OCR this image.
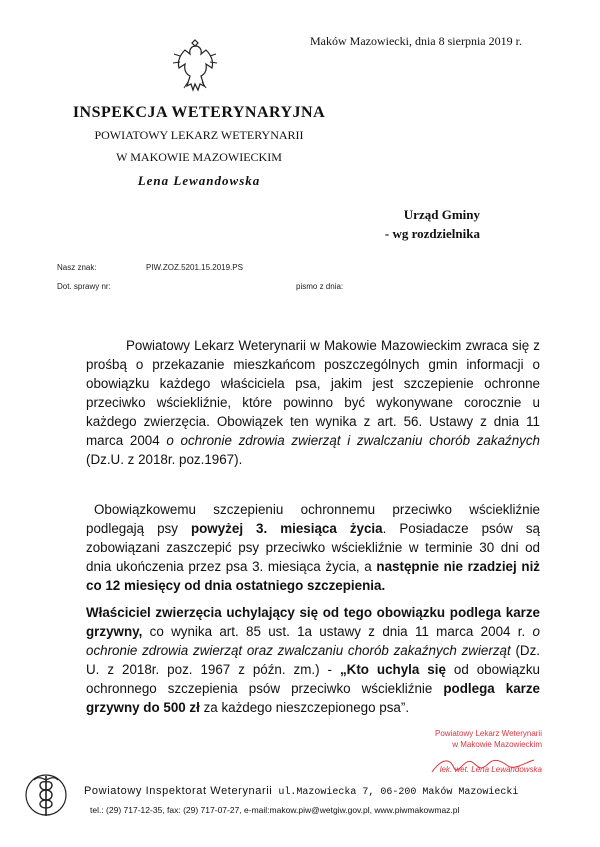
Maków Mazowiecki, dnia 8 sierpnia 2019 r.
INSPEKCJA WETERYNARYJNA
POWIATOWY LEKARZ WETERYNARII
W MAKOWIE MAZOWIECKIM
Lena Lewandowska
Urząd Gminy
- wg rozdzielnika
Nasz znak:	PIW.ZOZ.5201.15.2019.PS
Dot. sprawy nr:	pismo z dnia:
Powiatowy Lekarz Weterynarii w Makowie Mazowieckim zwraca się z prośbą o przekazanie mieszkańcom poszczególnych gmin informacji o obowiązku każdego właściciela psa, jakim jest szczepienie ochronne przeciwko wściekliźnie, które powinno być wykonywane corocznie u każdego zwierzęcia. Obowiązek ten wynika z art. 56. Ustawy z dnia 11 marca 2004 o ochronie zdrowia zwierząt i zwalczaniu chorób zakaźnych (Dz.U. z 2018r. poz.1967).
Obowiązkowemu szczepieniu ochronnemu przeciwko wściekliźnie podlegają psy powyżej 3. miesiąca życia. Posiadacze psów są zobowiązani zaszczepić psy przeciwko wściekliźnie w terminie 30 dni od dnia ukończenia przez psa 3. miesiąca życia, a następnie nie rzadziej niż co 12 miesięcy od dnia ostatniego szczepienia.
Właściciel zwierzęcia uchylający się od tego obowiązku podlega karze grzywny, co wynika art. 85 ust. 1a ustawy z dnia 11 marca 2004 r. o ochronie zdrowia zwierząt oraz zwalczaniu chorób zakaźnych zwierząt (Dz. U. z 2018r. poz. 1967 z późn. zm.) - „Kto uchyla się od obowiązku ochronnego szczepienia psów przeciwko wściekliźnie podlega karze grzywny do 500 zł za każdego nieszczepionego psa”.
Powiatowy Lekarz Weterynarii
w Makowie Mazowieckim
lek. wet. Lena Lewandowska
Powiatowy Inspektorat Weterynarii ul.Mazowiecka 7, 06-200 Maków Mazowiecki
tel.: (29) 717-12-35, fax: (29) 717-07-27, e-mail:makow.piw@wetgiw.gov.pl, www.piwmakowmaz.pl
